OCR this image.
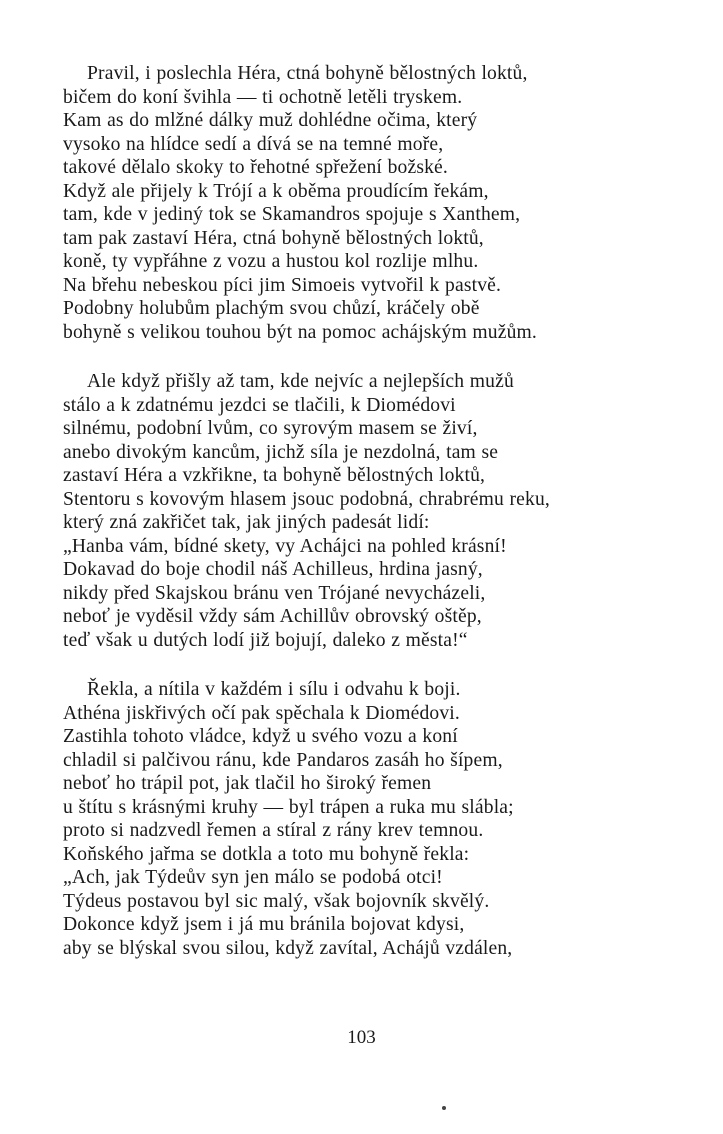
Pravil, i poslechla Héra, ctná bohyně bělostných loktů,
bičem do koní švihla — ti ochotně letěli tryskem.
Kam as do mlžné dálky muž dohlédne očima, který
vysoko na hlídce sedí a dívá se na temné moře,
takové dělalo skoky to řehotné spřežení božské.
Když ale přijely k Trójí a k oběma proudícím řekám,
tam, kde v jediný tok se Skamandros spojuje s Xanthem,
tam pak zastaví Héra, ctná bohyně bělostných loktů,
koně, ty vypřáhne z vozu a hustou kol rozlije mlhu.
Na břehu nebeskou píci jim Simoeis vytvořil k pastvě.
Podobny holubům plachým svou chůzí, kráčely obě
bohyně s velikou touhou být na pomoc achájským mužům.
Ale když přišly až tam, kde nejvíc a nejlepších mužů
stálo a k zdatnému jezdci se tlačili, k Diomédovi
silnému, podobní lvům, co syrovým masem se živí,
anebo divokým kancům, jichž síla je nezdolná, tam se
zastaví Héra a vzkřikne, ta bohyně bělostných loktů,
Stentoru s kovovým hlasem jsouc podobná, chrabrému reku,
který zná zakřičet tak, jak jiných padesát lidí:
„Hanba vám, bídné skety, vy Achájci na pohled krásní!
Dokavad do boje chodil náš Achilleus, hrdina jasný,
nikdy před Skajskou bránu ven Trójané nevycházeli,
neboť je vyděsil vždy sám Achillův obrovský oštěp,
teď však u dutých lodí již bojují, daleko z města!“
Řekla, a nítila v každém i sílu i odvahu k boji.
Athéna jiskřivých očí pak spěchala k Diomédovi.
Zastihla tohoto vládce, když u svého vozu a koní
chladil si palčivou ránu, kde Pandaros zasáh ho šípem,
neboť ho trápil pot, jak tlačil ho široký řemen
u štítu s krásnými kruhy — byl trápen a ruka mu slábla;
proto si nadzvedl řemen a stíral z rány krev temnou.
Koňského jařma se dotkla a toto mu bohyně řekla:
„Ach, jak Týdeův syn jen málo se podobá otci!
Týdeus postavou byl sic malý, však bojovník skvělý.
Dokonce když jsem i já mu bránila bojovat kdysi,
aby se blýskal svou silou, když zavítal, Achájů vzdálen,
103
